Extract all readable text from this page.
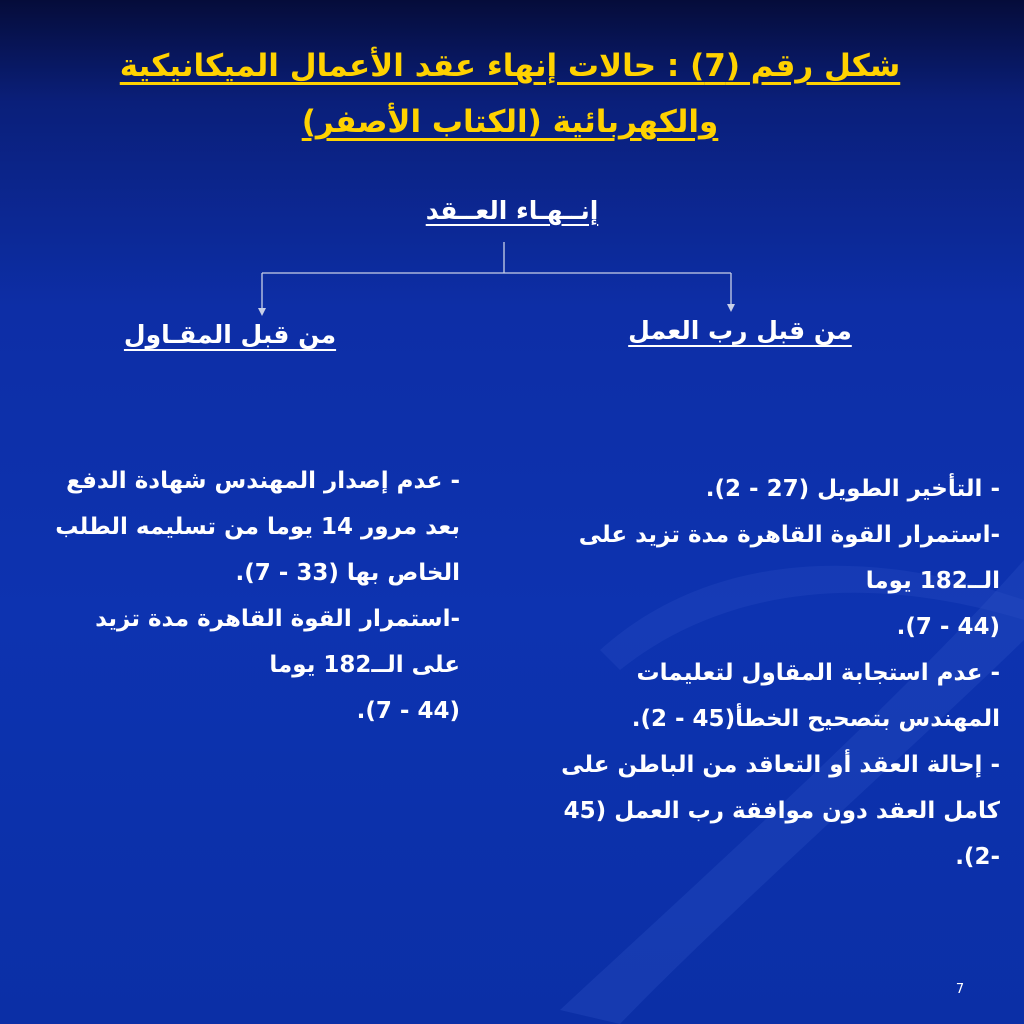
شكل رقم (7) : حالات إنهاء عقد الأعمال الميكانيكية
والكهربائية (الكتاب الأصفر)
إنــهـاء العــقد
من قبل رب العمل
من قبل المقـاول

- التأخير الطويل (27 - 2).

-استمرار القوة القاهرة مدة تزيد على الــ182 يوما

(44 - 7).

- عدم استجابة المقاول لتعليمات المهندس بتصحيح الخطأ(45 - 2).

- إحالة العقد أو التعاقد من الباطن على كامل العقد دون موافقة رب العمل (45 -2).

- عدم إصدار المهندس شهادة الدفع بعد مرور 14 يوما من تسليمه الطلب الخاص بها (33 - 7).

-استمرار القوة القاهرة مدة تزيد على الــ182 يوما

(44 - 7).

7
